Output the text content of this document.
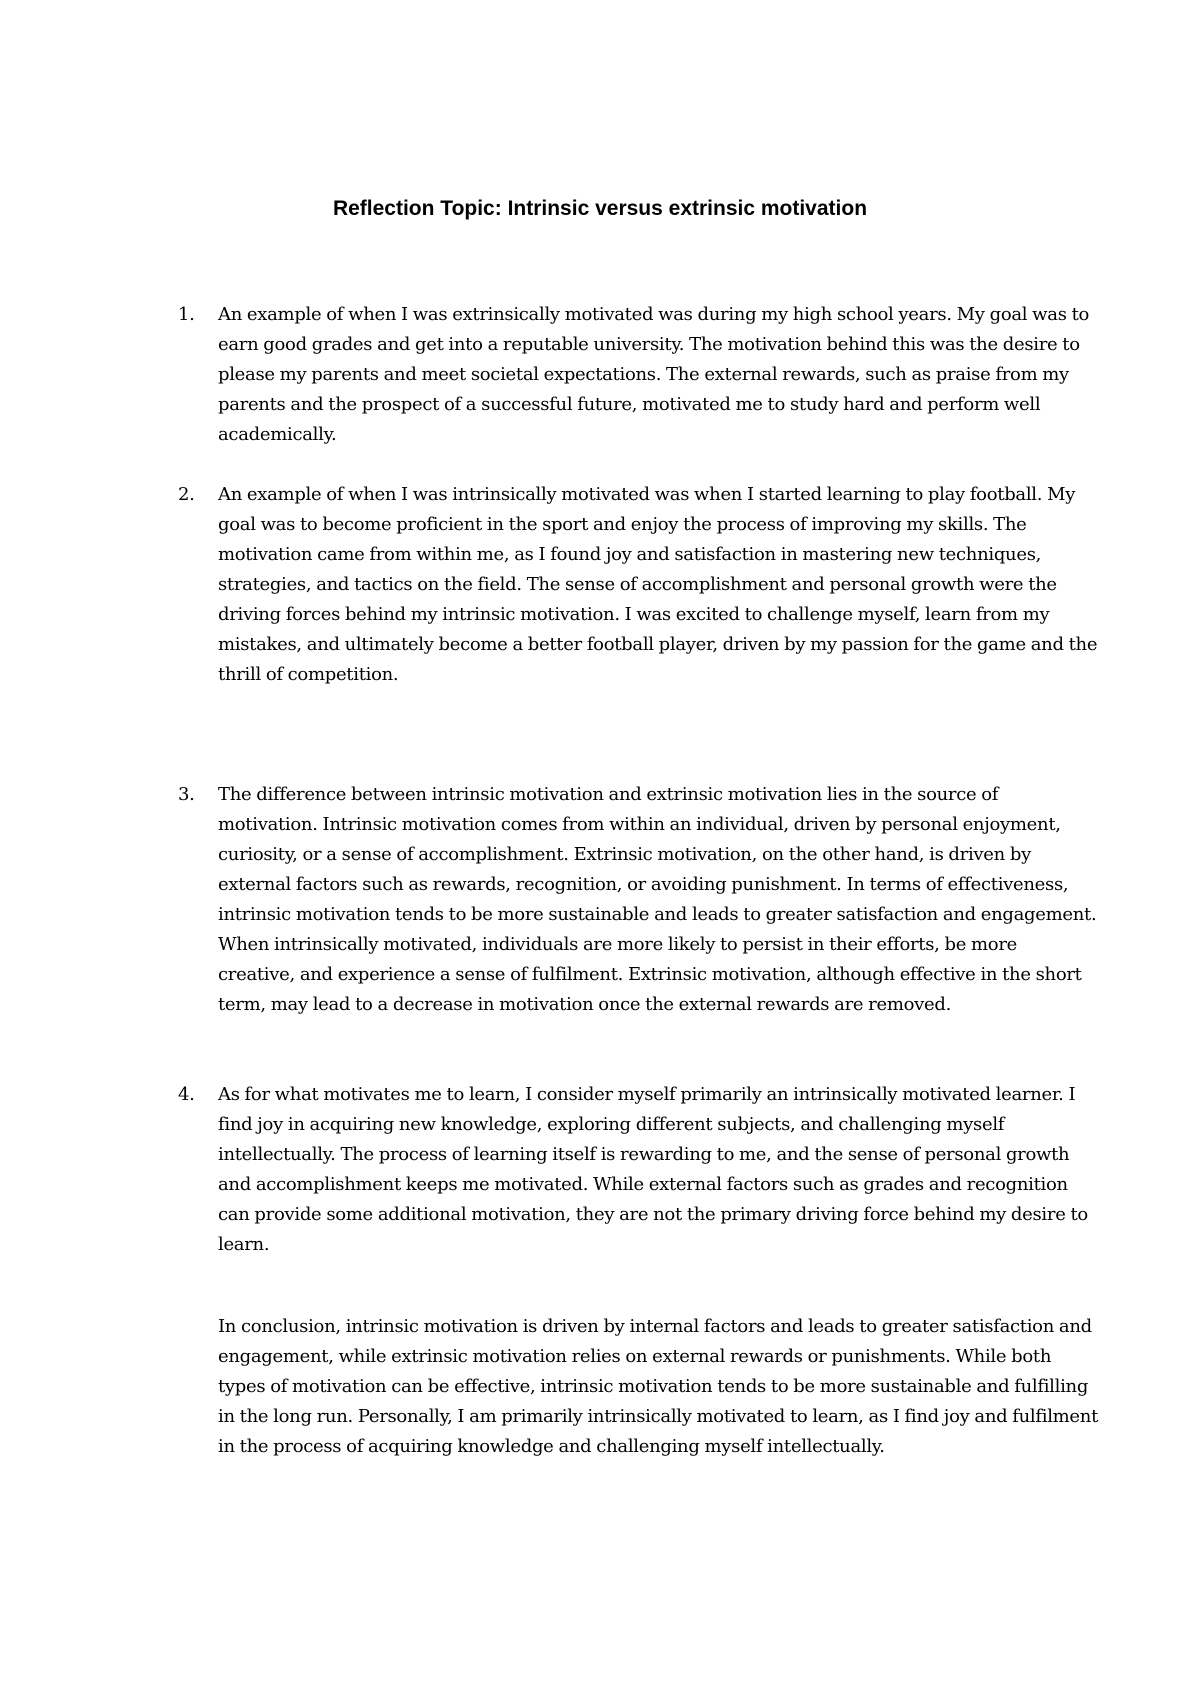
Reflection Topic: Intrinsic versus extrinsic motivation
1.	An example of when I was extrinsically motivated was during my high school years. My goal was to earn good grades and get into a reputable university. The motivation behind this was the desire to please my parents and meet societal expectations. The external rewards, such as praise from my parents and the prospect of a successful future, motivated me to study hard and perform well academically.

2.	An example of when I was intrinsically motivated was when I started learning to play football. My goal was to become proficient in the sport and enjoy the process of improving my skills. The motivation came from within me, as I found joy and satisfaction in mastering new techniques, strategies, and tactics on the field. The sense of accomplishment and personal growth were the driving forces behind my intrinsic motivation. I was excited to challenge myself, learn from my mistakes, and ultimately become a better football player, driven by my passion for the game and the thrill of competition.

3.	The difference between intrinsic motivation and extrinsic motivation lies in the source of motivation. Intrinsic motivation comes from within an individual, driven by personal enjoyment, curiosity, or a sense of accomplishment. Extrinsic motivation, on the other hand, is driven by external factors such as rewards, recognition, or avoiding punishment. In terms of effectiveness, intrinsic motivation tends to be more sustainable and leads to greater satisfaction and engagement. When intrinsically motivated, individuals are more likely to persist in their efforts, be more creative, and experience a sense of fulfilment. Extrinsic motivation, although effective in the short term, may lead to a decrease in motivation once the external rewards are removed.

4.	As for what motivates me to learn, I consider myself primarily an intrinsically motivated learner. I find joy in acquiring new knowledge, exploring different subjects, and challenging myself intellectually. The process of learning itself is rewarding to me, and the sense of personal growth and accomplishment keeps me motivated. While external factors such as grades and recognition can provide some additional motivation, they are not the primary driving force behind my desire to learn.

In conclusion, intrinsic motivation is driven by internal factors and leads to greater satisfaction and engagement, while extrinsic motivation relies on external rewards or punishments. While both types of motivation can be effective, intrinsic motivation tends to be more sustainable and fulfilling in the long run. Personally, I am primarily intrinsically motivated to learn, as I find joy and fulfilment in the process of acquiring knowledge and challenging myself intellectually.
